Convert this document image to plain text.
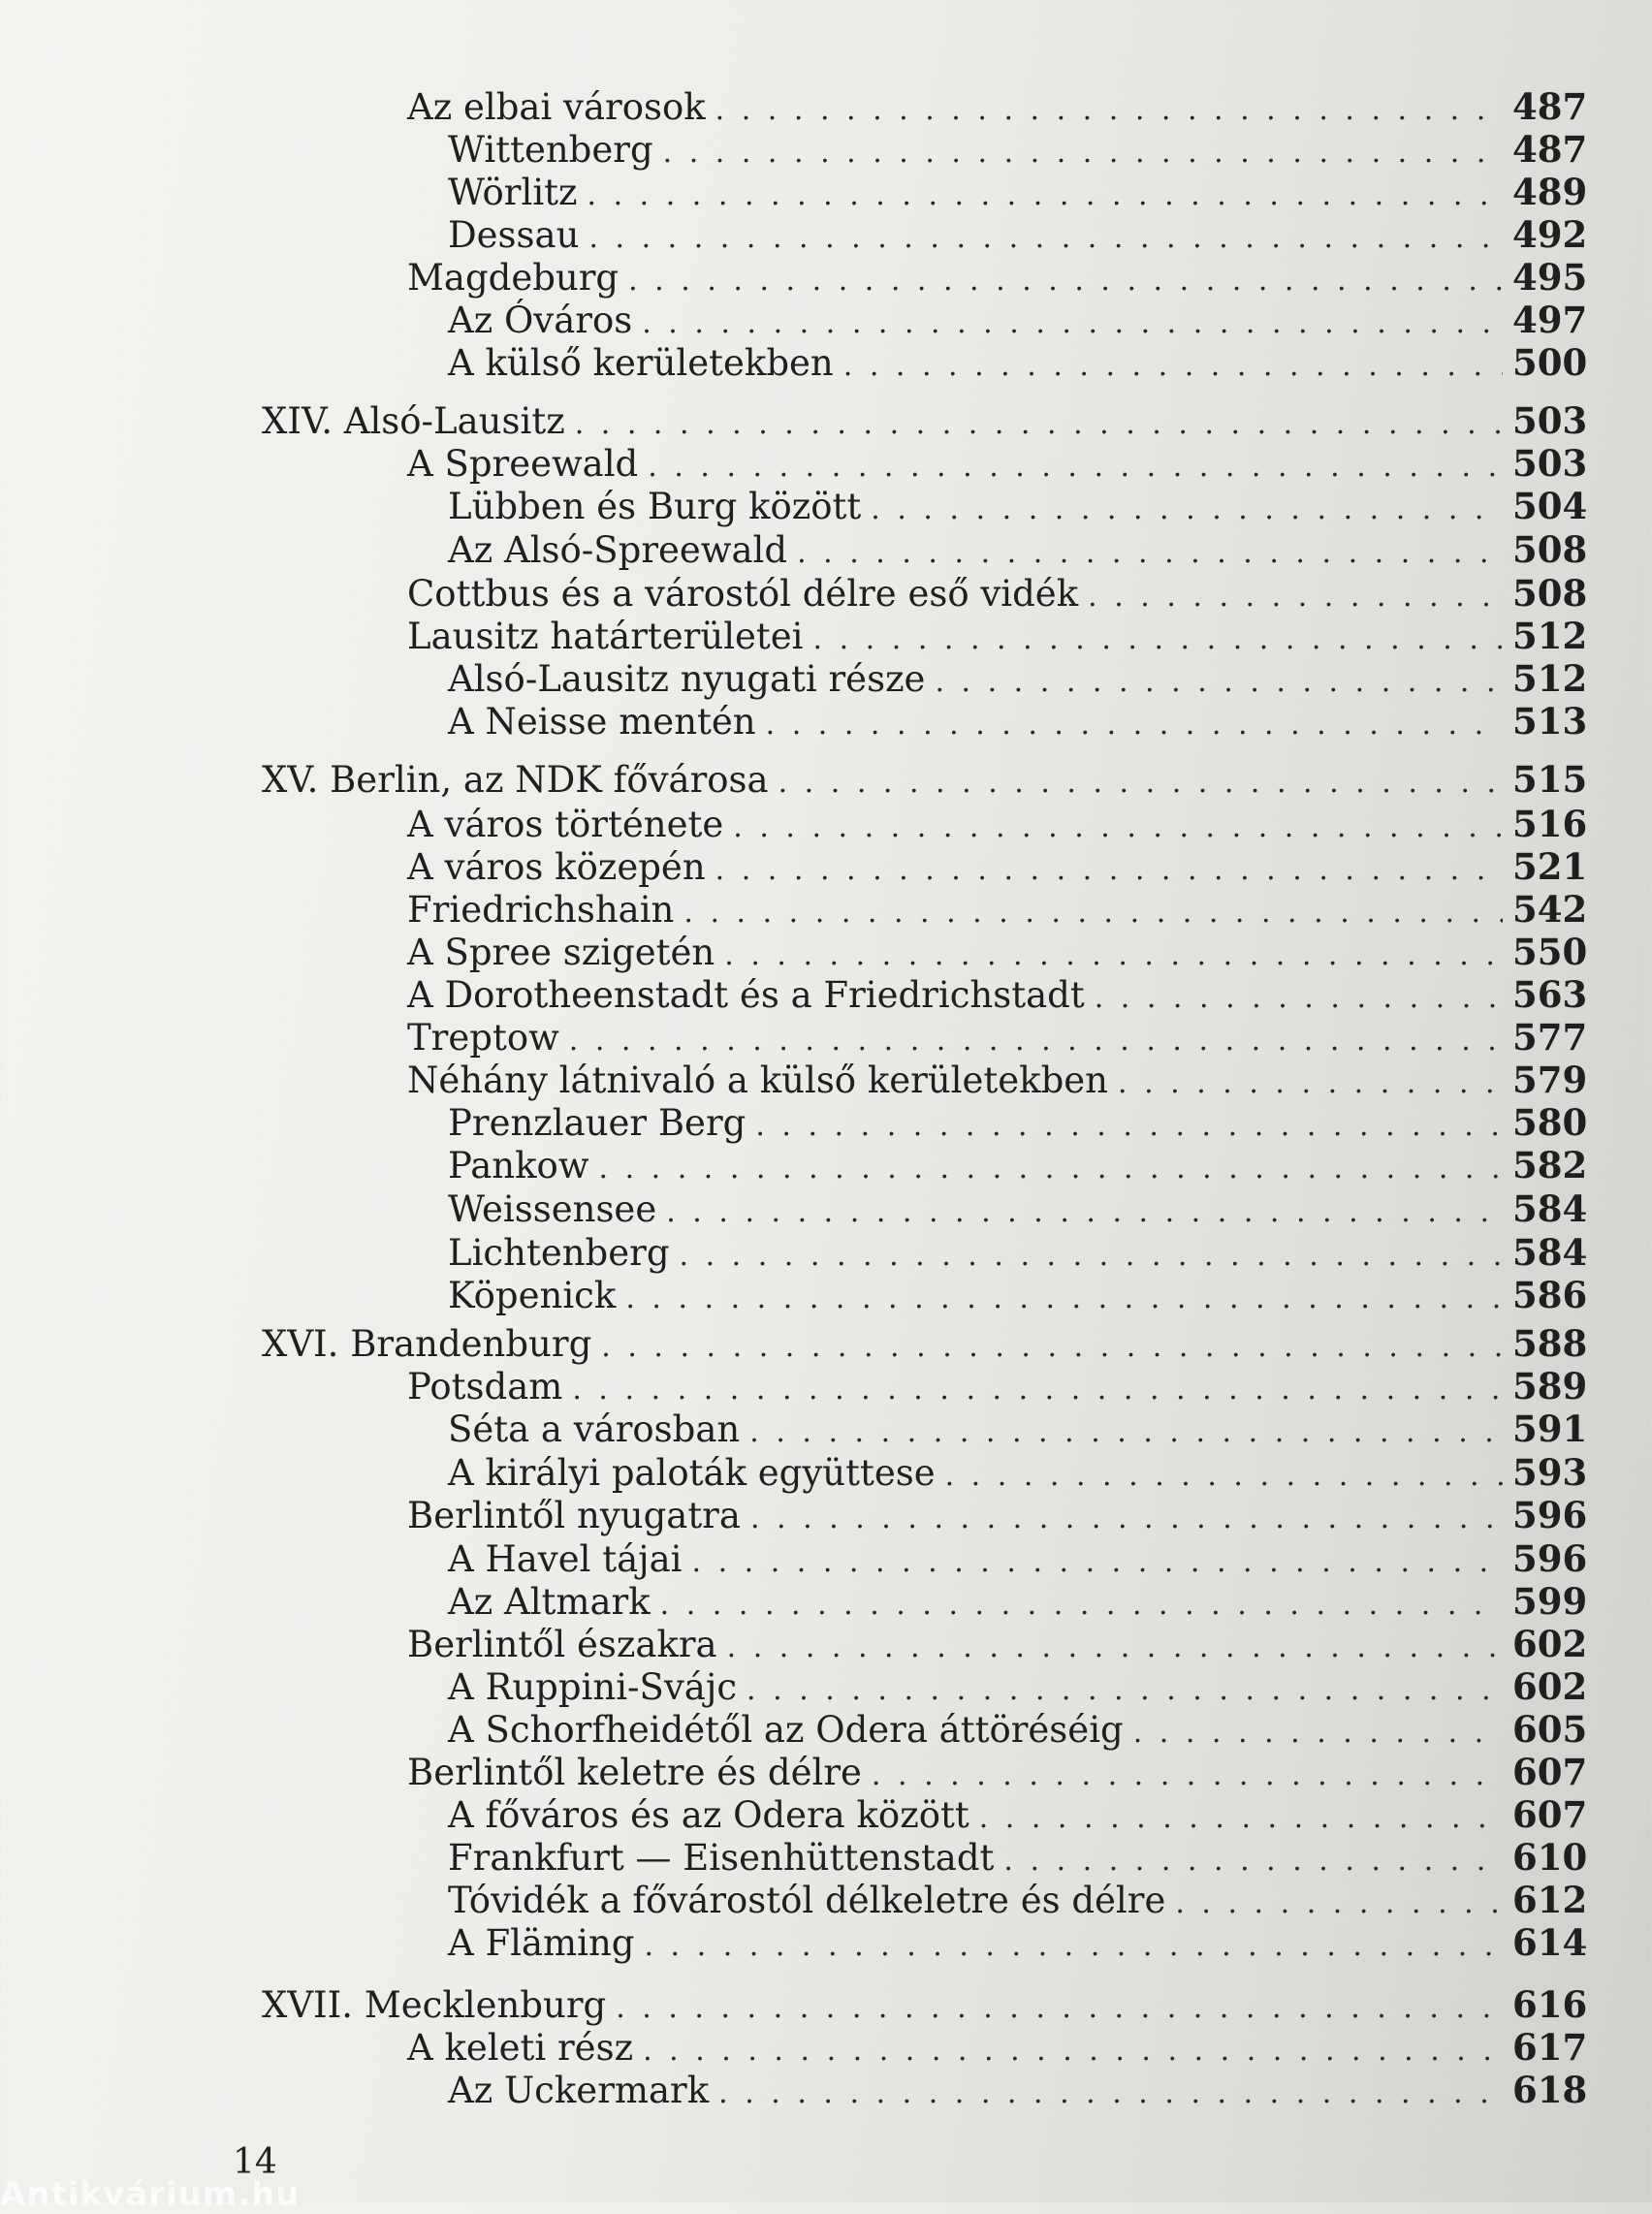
Az elbai városok . . .	487
Wittenberg . . .	487
Wörlitz . . .	489
Dessau . . .	492
Magdeburg . . .	495
Az Óváros . . .	497
A külső kerületekben . . .	500
XIV. Alsó-Lausitz . . .	503
A Spreewald . . .	503
Lübben és Burg között . . .	504
Az Alsó-Spreewald . . .	508
Cottbus és a várostól délre eső vidék . . .	508
Lausitz határterületei . . .	512
Alsó-Lausitz nyugati része . . .	512
A Neisse mentén . . .	513
XV. Berlin, az NDK fővárosa . . .	515
A város története . . .	516
A város közepén . . .	521
Friedrichshain . . .	542
A Spree szigetén . . .	550
A Dorotheenstadt és a Friedrichstadt . . .	563
Treptow . . .	577
Néhány látnivaló a külső kerületekben . . .	579
Prenzlauer Berg . . .	580
Pankow . . .	582
Weissensee . . .	584
Lichtenberg . . .	584
Köpenick . . .	586
XVI. Brandenburg . . .	588
Potsdam . . .	589
Séta a városban . . .	591
A királyi paloták együttese . . .	593
Berlintől nyugatra . . .	596
A Havel tájai . . .	596
Az Altmark . . .	599
Berlintől északra . . .	602
A Ruppini-Svájc . . .	602
A Schorfheidétől az Odera áttöréséig . . .	605
Berlintől keletre és délre . . .	607
A főváros és az Odera között . . .	607
Frankfurt — Eisenhüttenstadt . . .	610
Tóvidék a fővárostól délkeletre és délre . . .	612
A Fläming . . .	614
XVII. Mecklenburg . . .	616
A keleti rész . . .	617
Az Uckermark . . .	618
14
Antikvárium.hu
